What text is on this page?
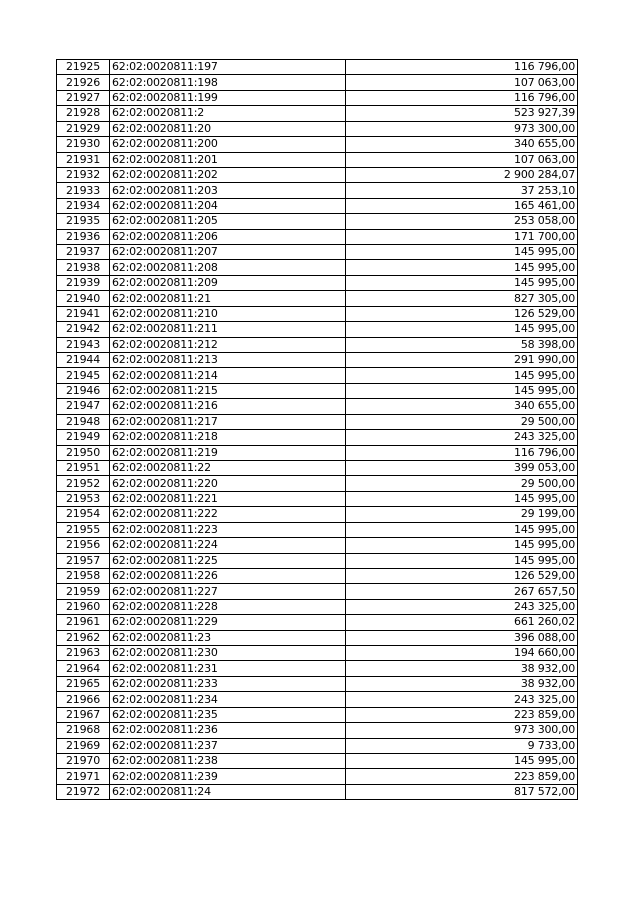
21925	62:02:0020811:197	116 796,00
21926	62:02:0020811:198	107 063,00
21927	62:02:0020811:199	116 796,00
21928	62:02:0020811:2	523 927,39
21929	62:02:0020811:20	973 300,00
21930	62:02:0020811:200	340 655,00
21931	62:02:0020811:201	107 063,00
21932	62:02:0020811:202	2 900 284,07
21933	62:02:0020811:203	37 253,10
21934	62:02:0020811:204	165 461,00
21935	62:02:0020811:205	253 058,00
21936	62:02:0020811:206	171 700,00
21937	62:02:0020811:207	145 995,00
21938	62:02:0020811:208	145 995,00
21939	62:02:0020811:209	145 995,00
21940	62:02:0020811:21	827 305,00
21941	62:02:0020811:210	126 529,00
21942	62:02:0020811:211	145 995,00
21943	62:02:0020811:212	58 398,00
21944	62:02:0020811:213	291 990,00
21945	62:02:0020811:214	145 995,00
21946	62:02:0020811:215	145 995,00
21947	62:02:0020811:216	340 655,00
21948	62:02:0020811:217	29 500,00
21949	62:02:0020811:218	243 325,00
21950	62:02:0020811:219	116 796,00
21951	62:02:0020811:22	399 053,00
21952	62:02:0020811:220	29 500,00
21953	62:02:0020811:221	145 995,00
21954	62:02:0020811:222	29 199,00
21955	62:02:0020811:223	145 995,00
21956	62:02:0020811:224	145 995,00
21957	62:02:0020811:225	145 995,00
21958	62:02:0020811:226	126 529,00
21959	62:02:0020811:227	267 657,50
21960	62:02:0020811:228	243 325,00
21961	62:02:0020811:229	661 260,02
21962	62:02:0020811:23	396 088,00
21963	62:02:0020811:230	194 660,00
21964	62:02:0020811:231	38 932,00
21965	62:02:0020811:233	38 932,00
21966	62:02:0020811:234	243 325,00
21967	62:02:0020811:235	223 859,00
21968	62:02:0020811:236	973 300,00
21969	62:02:0020811:237	9 733,00
21970	62:02:0020811:238	145 995,00
21971	62:02:0020811:239	223 859,00
21972	62:02:0020811:24	817 572,00
